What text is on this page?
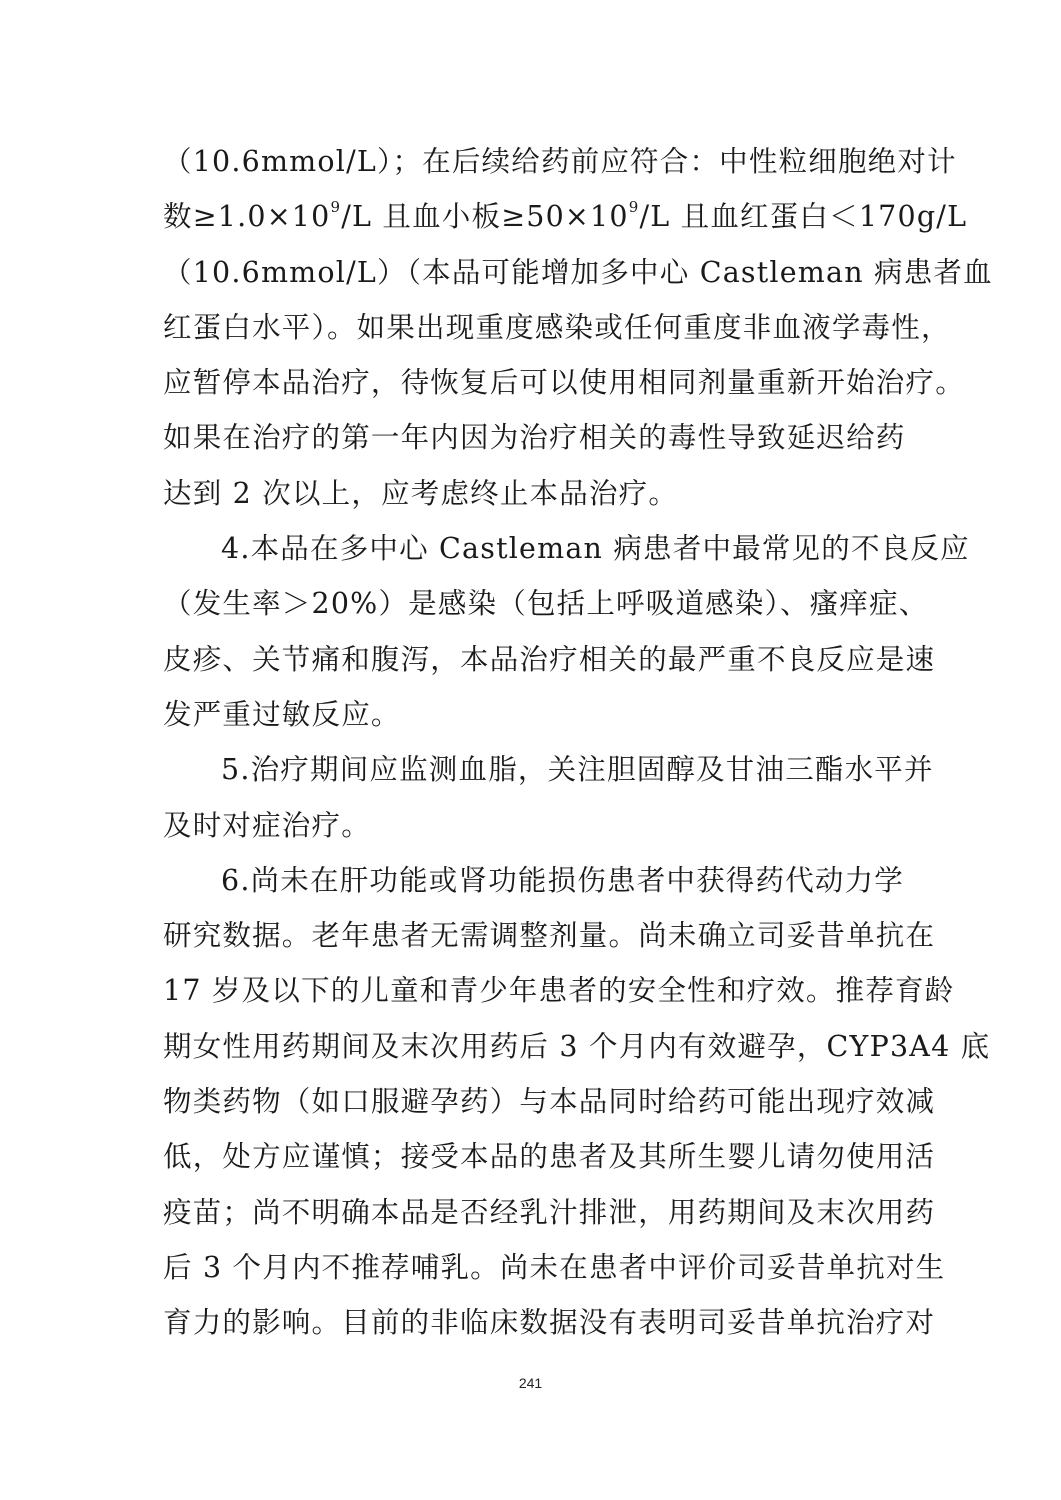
（10.6mmol/L）；在后续给药前应符合：中性粒细胞绝对计
数$\ge 1.0\times 10^9/L$ 且血小板$\ge 50\times 10^9/L$ 且血红蛋白＜170g/L
（10.6mmol/L）（本品可能增加多中心 Castleman 病患者血
红蛋白水平）。如果出现重度感染或任何重度非血液学毒性，
应暂停本品治疗，待恢复后可以使用相同剂量重新开始治疗。
如果在治疗的第一年内因为治疗相关的毒性导致延迟给药
达到 2 次以上，应考虑终止本品治疗。

4.本品在多中心 Castleman 病患者中最常见的不良反应
（发生率＞20%）是感染（包括上呼吸道感染）、瘙痒症、
皮疹、关节痛和腹泻，本品治疗相关的最严重不良反应是速
发严重过敏反应。

5.治疗期间应监测血脂，关注胆固醇及甘油三酯水平并
及时对症治疗。

6.尚未在肝功能或肾功能损伤患者中获得药代动力学
研究数据。老年患者无需调整剂量。尚未确立司妥昔单抗在
17 岁及以下的儿童和青少年患者的安全性和疗效。推荐育龄
期女性用药期间及末次用药后 3 个月内有效避孕，CYP3A4 底
物类药物（如口服避孕药）与本品同时给药可能出现疗效减
低，处方应谨慎；接受本品的患者及其所生婴儿请勿使用活
疫苗；尚不明确本品是否经乳汁排泄，用药期间及末次用药
后 3 个月内不推荐哺乳。尚未在患者中评价司妥昔单抗对生
育力的影响。目前的非临床数据没有表明司妥昔单抗治疗对

241
